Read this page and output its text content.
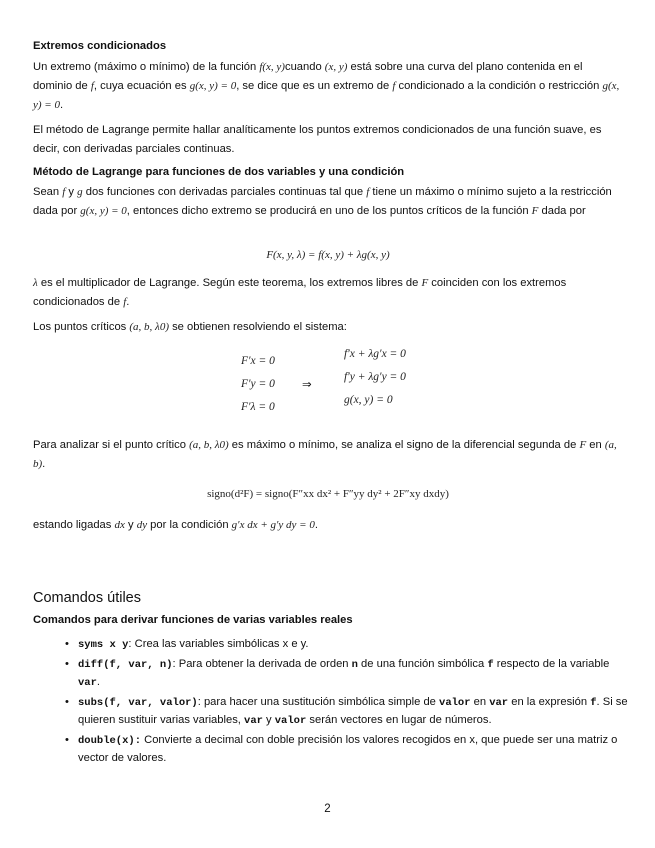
Extremos condicionados

Un extremo (máximo o mínimo) de la función f(x, y)cuando (x, y) está sobre una curva del plano contenida en el dominio de f, cuya ecuación es g(x, y) = 0, se dice que es un extremo de f condicionado a la condición o restricción g(x, y) = 0.

El método de Lagrange permite hallar analíticamente los puntos extremos condicionados de una función suave, es decir, con derivadas parciales continuas.

Método de Lagrange para funciones de dos variables y una condición

Sean f y g dos funciones con derivadas parciales continuas tal que f tiene un máximo o mínimo sujeto a la restricción dada por g(x, y) = 0, entonces dicho extremo se producirá en uno de los puntos críticos de la función F dada por

F(x, y, λ) = f(x, y) + λg(x, y)

λ es el multiplicador de Lagrange. Según este teorema, los extremos libres de F coinciden con los extremos condicionados de f.

Los puntos críticos (a, b, λ0) se obtienen resolviendo el sistema:

F′x = 0
F′y = 0
F′λ = 0
⇒
f′x + λg′x = 0
f′y + λg′y = 0
g(x, y) = 0

Para analizar si el punto crítico (a, b, λ0) es máximo o mínimo, se analiza el signo de la diferencial segunda de F en (a, b).

signo(d²F) = signo(F″xx dx² + F″yy dy² + 2F″xy dxdy)

estando ligadas dx y dy por la condición g′x dx + g′y dy = 0.

Comandos útiles

Comandos para derivar funciones de varias variables reales

• syms x y: Crea las variables simbólicas x e y.
• diff(f, var, n): Para obtener la derivada de orden n de una función simbólica f respecto de la variable var.
• subs(f, var, valor): para hacer una sustitución simbólica simple de valor en var en la expresión f. Si se quieren sustituir varias variables, var y valor serán vectores en lugar de números.
• double(x): Convierte a decimal con doble precisión los valores recogidos en x, que puede ser una matriz o vector de valores.
2
